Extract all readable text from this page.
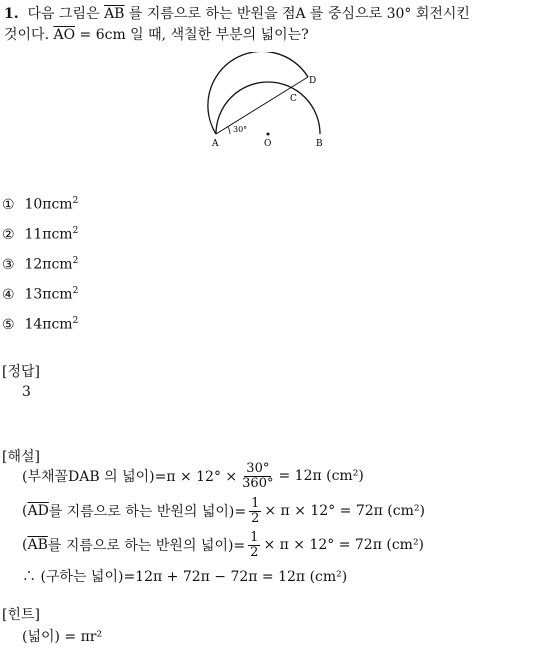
1. 다음 그림은 $\overline{AB}$ 를 지름으로 하는 반원을 점A 를 중심으로 30° 회전시킨
것이다. $\overline{AO} = 6cm$ 일 때, 색칠한 부분의 넓이는?
A	O	B
C
D
30°
① 10πcm$^2$
② 11πcm$^2$
③ 12πcm$^2$
④ 13πcm$^2$
⑤ 14πcm$^2$
[정답]
3
[해설]
(부채꼴DAB 의 넓이)$=\pi \times 12^\circ \times \frac{30^\circ}{360^\circ} = 12\pi$ (cm²)
( $\overline{AD}$ 를 지름으로 하는 반원의 넓이)= $\frac{1}{2} \times \pi \times 12^\circ = 72\pi$ (cm²)
( $\overline{AB}$ 를 지름으로 하는 반원의 넓이)= $\frac{1}{2} \times \pi \times 12^\circ = 72\pi$ (cm²)
∴ (구하는 넓이)=12π + 72π − 72π = 12π (cm²)
[힌트]
(넓이) = πr²
